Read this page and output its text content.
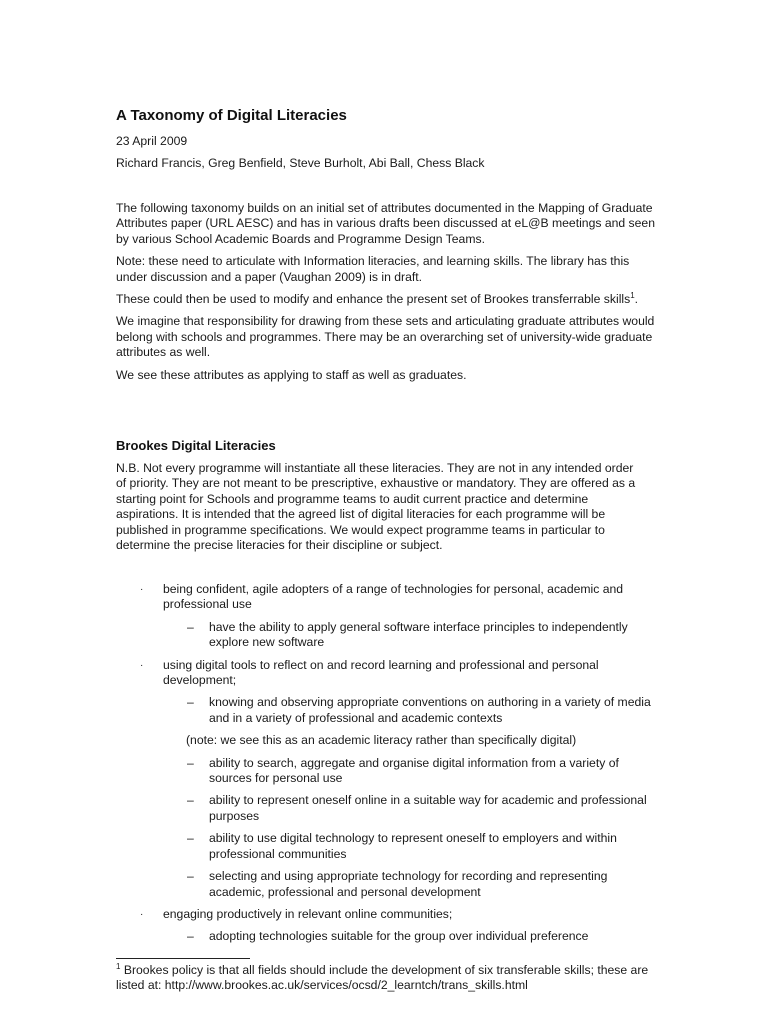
A Taxonomy of Digital Literacies

23 April 2009

Richard Francis, Greg Benfield, Steve Burholt, Abi Ball, Chess Black

The following taxonomy builds on an initial set of attributes documented in the Mapping of Graduate Attributes paper (URL AESC) and has in various drafts been discussed at eL@B meetings and seen by various School Academic Boards and Programme Design Teams.

Note: these need to articulate with Information literacies, and learning skills. The library has this under discussion and a paper (Vaughan 2009) is in draft.

These could then be used to modify and enhance the present set of Brookes transferrable skills$^1$.

We imagine that responsibility for drawing from these sets and articulating graduate attributes would belong with schools and programmes. There may be an overarching set of university-wide graduate attributes as well.

We see these attributes as applying to staff as well as graduates.

Brookes Digital Literacies

N.B. Not every programme will instantiate all these literacies. They are not in any intended order of priority. They are not meant to be prescriptive, exhaustive or mandatory. They are offered as a starting point for Schools and programme teams to audit current practice and determine aspirations. It is intended that the agreed list of digital literacies for each programme will be published in programme specifications. We would expect programme teams in particular to determine the precise literacies for their discipline or subject.

· being confident, agile adopters of a range of technologies for personal, academic and professional use
– have the ability to apply general software interface principles to independently explore new software
· using digital tools to reflect on and record learning and professional and personal development;
– knowing and observing appropriate conventions on authoring in a variety of media and in a variety of professional and academic contexts
(note: we see this as an academic literacy rather than specifically digital)
– ability to search, aggregate and organise digital information from a variety of sources for personal use
– ability to represent oneself online in a suitable way for academic and professional purposes
– ability to use digital technology to represent oneself to employers and within professional communities
– selecting and using appropriate technology for recording and representing academic, professional and personal development
· engaging productively in relevant online communities;
– adopting technologies suitable for the group over individual preference

$^1$ Brookes policy is that all fields should include the development of six transferable skills; these are listed at: http://www.brookes.ac.uk/services/ocsd/2_learntch/trans_skills.html
